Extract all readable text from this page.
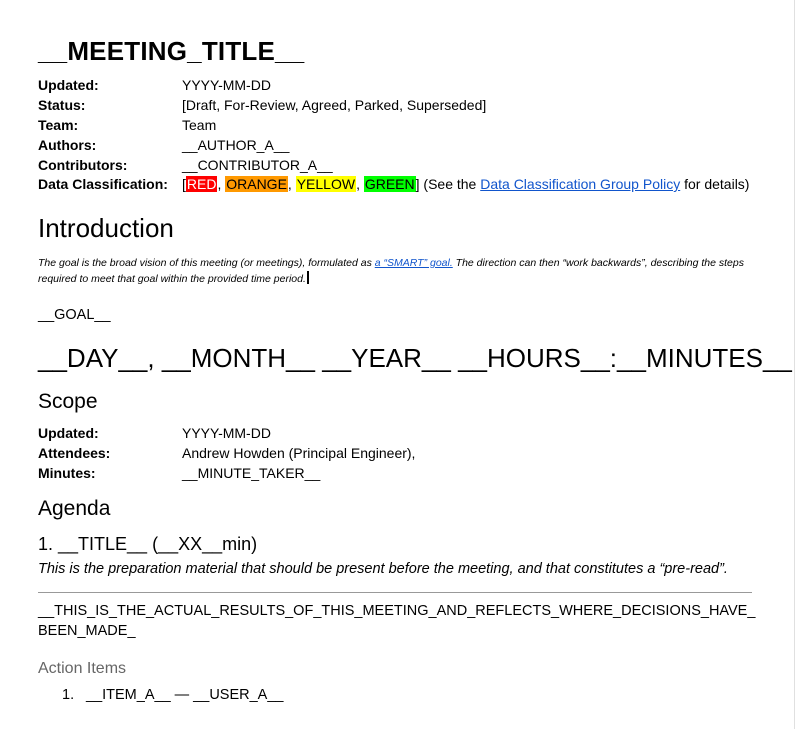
__MEETING_TITLE__
Updated:	YYYY-MM-DD
Status:	[Draft, For-Review, Agreed, Parked, Superseded]
Team:	Team
Authors:	__AUTHOR_A__
Contributors:	__CONTRIBUTOR_A__
Data Classification: [RED, ORANGE, YELLOW, GREEN] (See the Data Classification Group Policy for details)
Introduction
The goal is the broad vision of this meeting (or meetings), formulated as a “SMART” goal. The direction can then “work backwards”, describing the steps required to meet that goal within the provided time period.
__GOAL__
__DAY__, __MONTH__ __YEAR__ __HOURS__:__MINUTES__
Scope
Updated:	YYYY-MM-DD
Attendees:	Andrew Howden (Principal Engineer),
Minutes:	__MINUTE_TAKER__
Agenda
1. __TITLE__ (__XX__min)
This is the preparation material that should be present before the meeting, and that constitutes a “pre-read”.
__THIS_IS_THE_ACTUAL_RESULTS_OF_THIS_MEETING_AND_REFLECTS_WHERE_DECISIONS_HAVE_BEEN_MADE_
Action Items
1. __ITEM_A__ — __USER_A__
